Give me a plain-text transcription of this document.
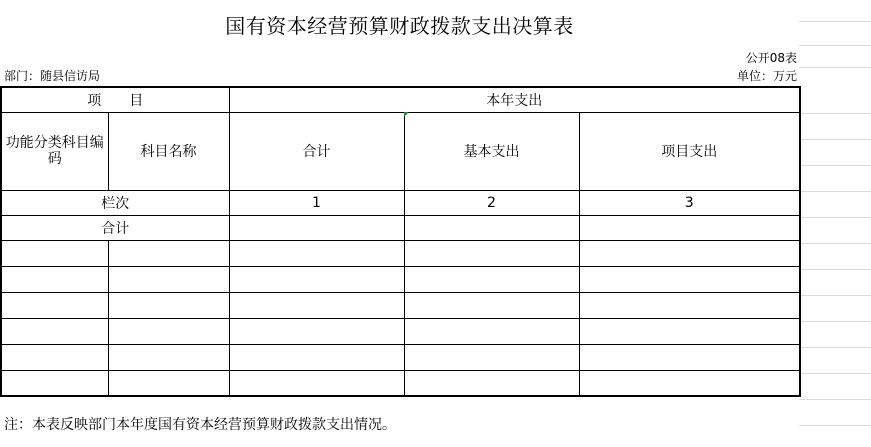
国有资本经营预算财政拨款支出决算表
公开08表
部门：随县信访局	单位：万元
项　　目		本年支出		
功能分类科目编码	科目名称	合计	基本支出	项目支出
栏次		1	2	3
合计				

注：本表反映部门本年度国有资本经营预算财政拨款支出情况。
